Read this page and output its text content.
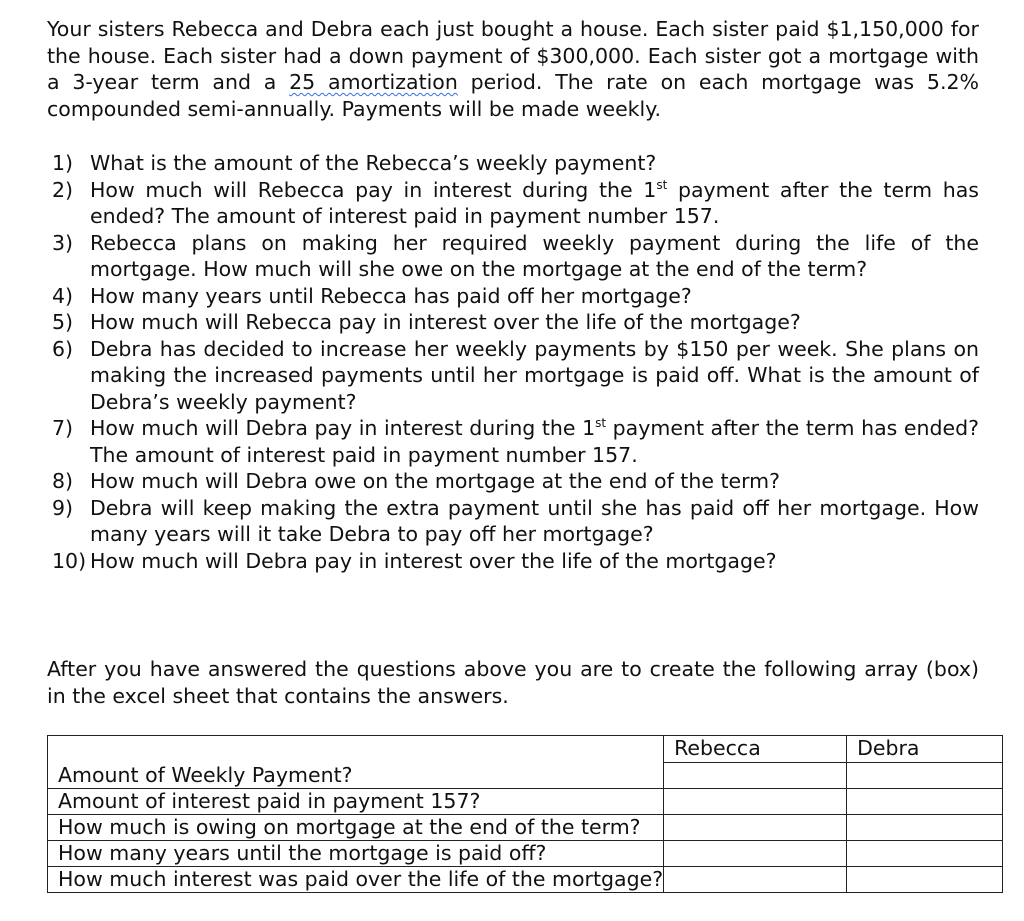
Your sisters Rebecca and Debra each just bought a house. Each sister paid $1,150,000 for the house. Each sister had a down payment of $300,000. Each sister got a mortgage with a 3-year term and a 25 amortization period. The rate on each mortgage was 5.2% compounded semi-annually. Payments will be made weekly.

1) What is the amount of the Rebecca’s weekly payment?
2) How much will Rebecca pay in interest during the 1st payment after the term has ended? The amount of interest paid in payment number 157.
3) Rebecca plans on making her required weekly payment during the life of the mortgage. How much will she owe on the mortgage at the end of the term?
4) How many years until Rebecca has paid off her mortgage?
5) How much will Rebecca pay in interest over the life of the mortgage?
6) Debra has decided to increase her weekly payments by $150 per week. She plans on making the increased payments until her mortgage is paid off. What is the amount of Debra’s weekly payment?
7) How much will Debra pay in interest during the 1st payment after the term has ended? The amount of interest paid in payment number 157.
8) How much will Debra owe on the mortgage at the end of the term?
9) Debra will keep making the extra payment until she has paid off her mortgage. How many years will it take Debra to pay off her mortgage?
10) How much will Debra pay in interest over the life of the mortgage?

After you have answered the questions above you are to create the following array (box) in the excel sheet that contains the answers.

	Rebecca	Debra
Amount of Weekly Payment?		
Amount of interest paid in payment 157?		
How much is owing on mortgage at the end of the term?		
How many years until the mortgage is paid off?		
How much interest was paid over the life of the mortgage?		
